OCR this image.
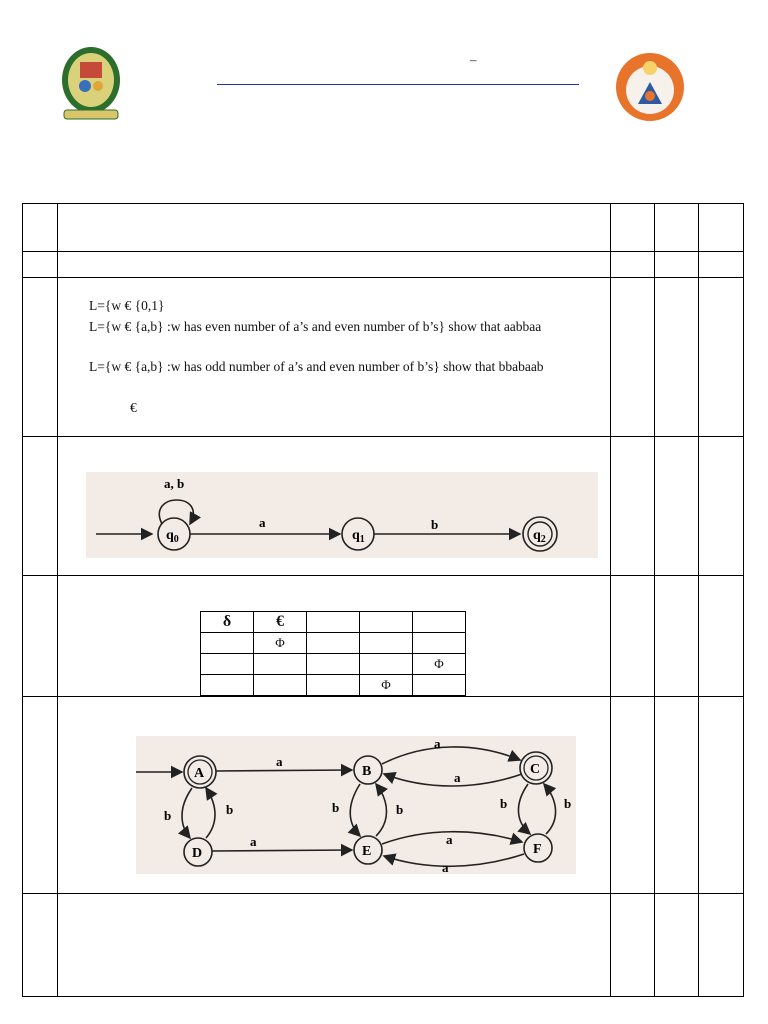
–
L={w € {0,1}
L={w € {a,b} :w has even number of a’s and even number of b’s} show that aabbaa
L={w € {a,b} :w has odd number of a’s and even number of b’s} show that bbabaab
€
$q_0$	$q_1$	$q_2$
a, b
a	b
δ	€			
	Φ			
				Φ
			Φ	
A	B	C
D	E	F
a
a
a
b	b
a
b	b
a
a
b	b
